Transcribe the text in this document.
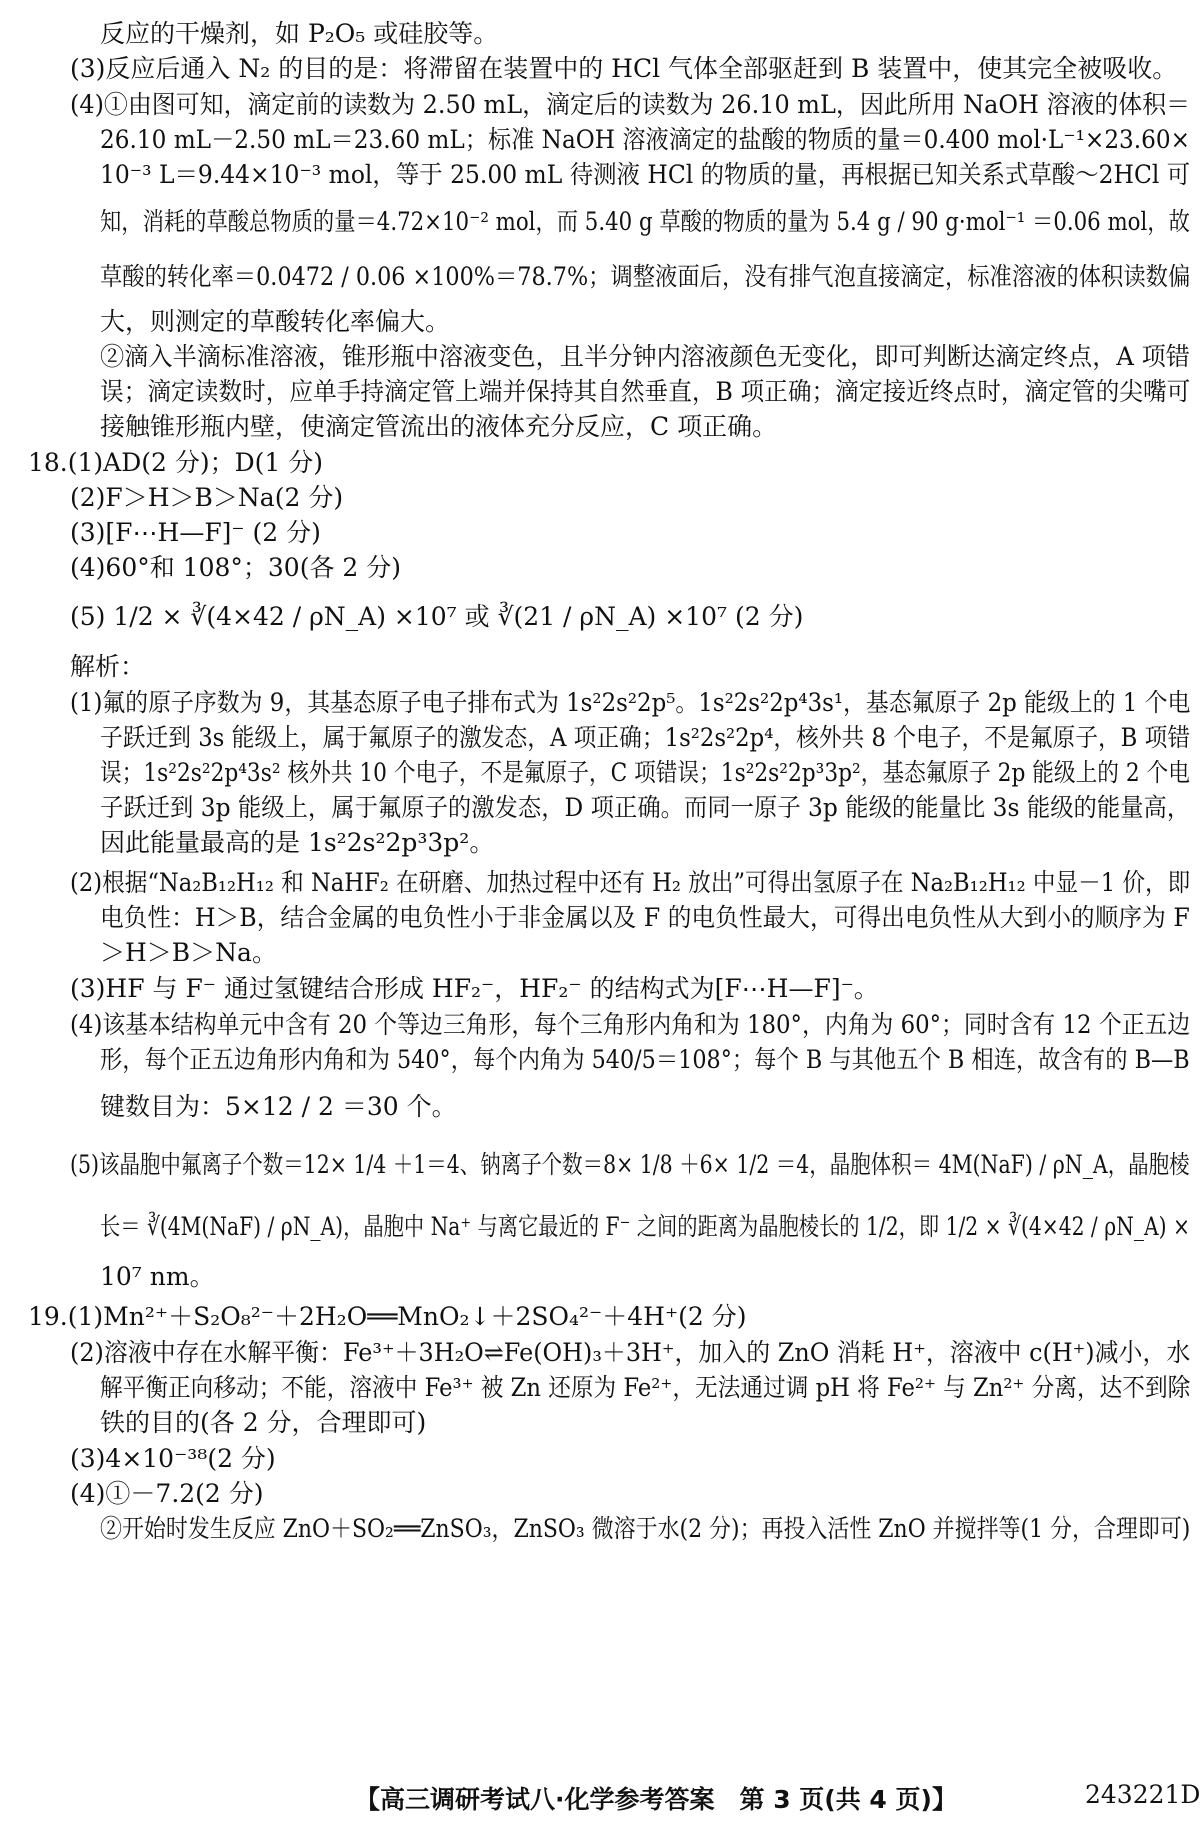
反应的干燥剂，如 P₂O₅ 或硅胶等。
(3)反应后通入 N₂ 的目的是：将滞留在装置中的 HCl 气体全部驱赶到 B 装置中，使其完全被吸收。
(4)①由图可知，滴定前的读数为 2.50 mL，滴定后的读数为 26.10 mL，因此所用 NaOH 溶液的体积＝
26.10 mL－2.50 mL＝23.60 mL；标准 NaOH 溶液滴定的盐酸的物质的量＝0.400 mol·L⁻¹×23.60×
10⁻³ L＝9.44×10⁻³ mol，等于 25.00 mL 待测液 HCl 的物质的量，再根据已知关系式草酸～2HCl 可
知，消耗的草酸总物质的量＝4.72×10⁻² mol，而 5.40 g 草酸的物质的量为 5.4 g / 90 g·mol⁻¹ ＝0.06 mol，故
草酸的转化率＝0.0472 / 0.06 ×100%＝78.7%；调整液面后，没有排气泡直接滴定，标准溶液的体积读数偏
大，则测定的草酸转化率偏大。
②滴入半滴标准溶液，锥形瓶中溶液变色，且半分钟内溶液颜色无变化，即可判断达滴定终点，A 项错
误；滴定读数时，应单手持滴定管上端并保持其自然垂直，B 项正确；滴定接近终点时，滴定管的尖嘴可
接触锥形瓶内壁，使滴定管流出的液体充分反应，C 项正确。
18.(1)AD(2 分)；D(1 分)
(2)F＞H＞B＞Na(2 分)
(3)[F⋯H—F]⁻ (2 分)
(4)60°和 108°；30(各 2 分)
(5) 1/2 × ∛(4×42 / ρN_A) ×10⁷ 或 ∛(21 / ρN_A) ×10⁷ (2 分)
解析：
(1)氟的原子序数为 9，其基态原子电子排布式为 1s²2s²2p⁵。1s²2s²2p⁴3s¹，基态氟原子 2p 能级上的 1 个电
子跃迁到 3s 能级上，属于氟原子的激发态，A 项正确；1s²2s²2p⁴，核外共 8 个电子，不是氟原子，B 项错
误；1s²2s²2p⁴3s² 核外共 10 个电子，不是氟原子，C 项错误；1s²2s²2p³3p²，基态氟原子 2p 能级上的 2 个电
子跃迁到 3p 能级上，属于氟原子的激发态，D 项正确。而同一原子 3p 能级的能量比 3s 能级的能量高，
因此能量最高的是 1s²2s²2p³3p²。
(2)根据“Na₂B₁₂H₁₂ 和 NaHF₂ 在研磨、加热过程中还有 H₂ 放出”可得出氢原子在 Na₂B₁₂H₁₂ 中显－1 价，即
电负性：H＞B，结合金属的电负性小于非金属以及 F 的电负性最大，可得出电负性从大到小的顺序为 F
＞H＞B＞Na。
(3)HF 与 F⁻ 通过氢键结合形成 HF₂⁻，HF₂⁻ 的结构式为[F⋯H—F]⁻。
(4)该基本结构单元中含有 20 个等边三角形，每个三角形内角和为 180°，内角为 60°；同时含有 12 个正五边
形，每个正五边角形内角和为 540°，每个内角为 540/5＝108°；每个 B 与其他五个 B 相连，故含有的 B—B
键数目为：5×12 / 2 ＝30 个。
(5)该晶胞中氟离子个数＝12× 1/4 ＋1＝4、钠离子个数＝8× 1/8 ＋6× 1/2 ＝4，晶胞体积＝ 4M(NaF) / ρN_A，晶胞棱
长＝ ∛(4M(NaF) / ρN_A)，晶胞中 Na⁺ 与离它最近的 F⁻ 之间的距离为晶胞棱长的 1/2，即 1/2 × ∛(4×42 / ρN_A) ×
10⁷ nm。
19.(1)Mn²⁺＋S₂O₈²⁻＋2H₂O══MnO₂↓＋2SO₄²⁻＋4H⁺(2 分)
(2)溶液中存在水解平衡：Fe³⁺＋3H₂O⇌Fe(OH)₃＋3H⁺，加入的 ZnO 消耗 H⁺，溶液中 c(H⁺)减小，水
解平衡正向移动；不能，溶液中 Fe³⁺ 被 Zn 还原为 Fe²⁺，无法通过调 pH 将 Fe²⁺ 与 Zn²⁺ 分离，达不到除
铁的目的(各 2 分，合理即可)
(3)4×10⁻³⁸(2 分)
(4)①－7.2(2 分)
②开始时发生反应 ZnO＋SO₂══ZnSO₃，ZnSO₃ 微溶于水(2 分)；再投入活性 ZnO 并搅拌等(1 分，合理即可)
【高三调研考试八·化学参考答案　第 3 页(共 4 页)】	243221D
